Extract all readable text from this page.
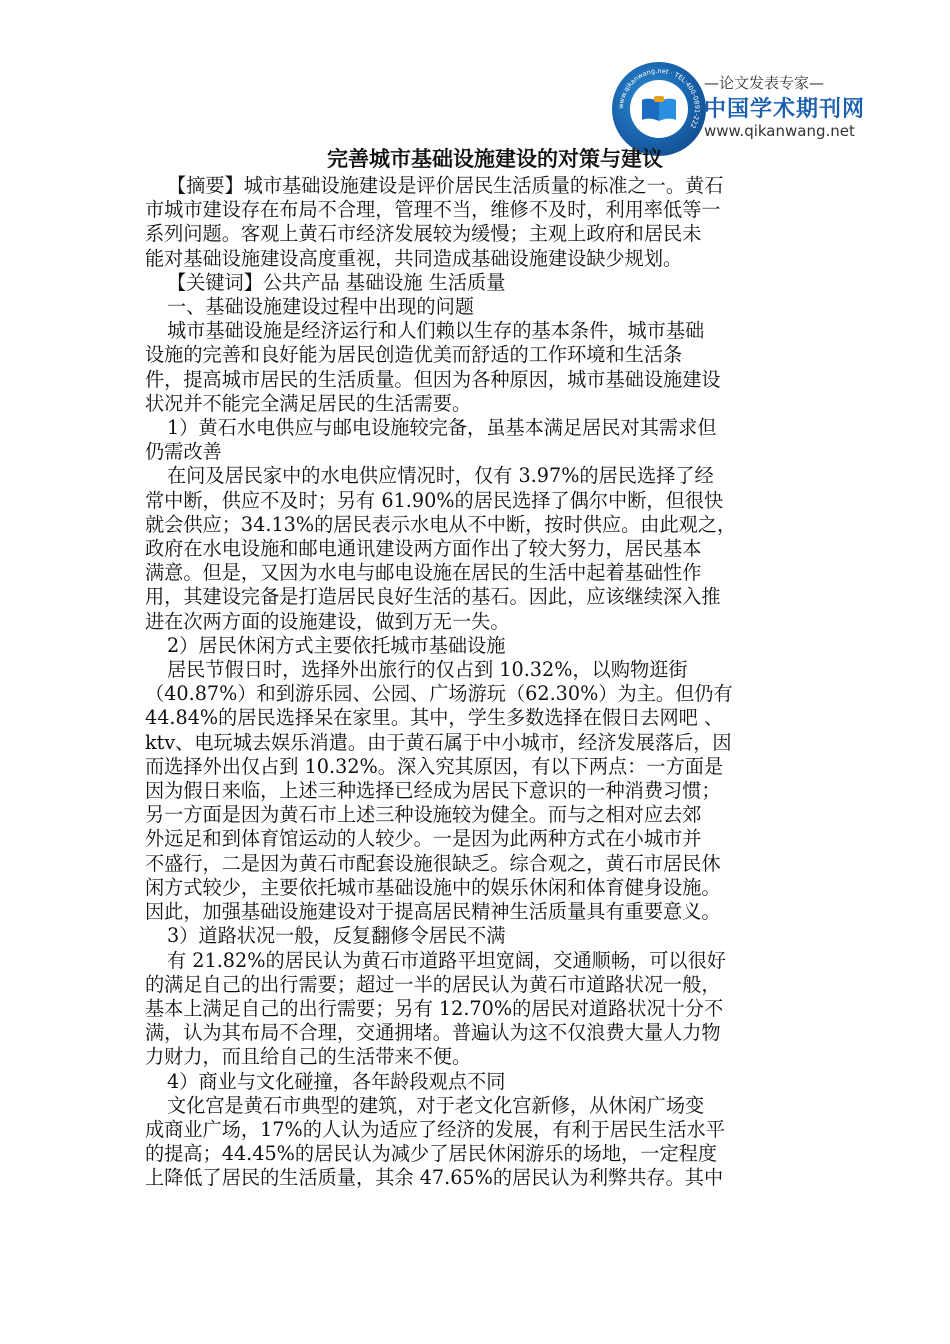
www.qikanwang.net · TEL:400-0891-222
—论文发表专家—
中国学术期刊网
www.qikanwang.net
完善城市基础设施建设的对策与建议

【摘要】城市基础设施建设是评价居民生活质量的标准之一。黄石

市城市建设存在布局不合理，管理不当，维修不及时，利用率低等一

系列问题。客观上黄石市经济发展较为缓慢；主观上政府和居民未

能对基础设施建设高度重视，共同造成基础设施建设缺少规划。

【关键词】公共产品 基础设施 生活质量

一、基础设施建设过程中出现的问题

城市基础设施是经济运行和人们赖以生存的基本条件，城市基础

设施的完善和良好能为居民创造优美而舒适的工作环境和生活条

件，提高城市居民的生活质量。但因为各种原因，城市基础设施建设

状况并不能完全满足居民的生活需要。

1）黄石水电供应与邮电设施较完备，虽基本满足居民对其需求但

仍需改善

在问及居民家中的水电供应情况时，仅有 3.97%的居民选择了经

常中断，供应不及时；另有 61.90%的居民选择了偶尔中断，但很快

就会供应；34.13%的居民表示水电从不中断，按时供应。由此观之，

政府在水电设施和邮电通讯建设两方面作出了较大努力，居民基本

满意。但是，又因为水电与邮电设施在居民的生活中起着基础性作

用，其建设完备是打造居民良好生活的基石。因此，应该继续深入推

进在次两方面的设施建设，做到万无一失。

2）居民休闲方式主要依托城市基础设施

居民节假日时，选择外出旅行的仅占到 10.32%，以购物逛街

（40.87%）和到游乐园、公园、广场游玩（62.30%）为主。但仍有

44.84%的居民选择呆在家里。其中，学生多数选择在假日去网吧 、

ktv、电玩城去娱乐消遣。由于黄石属于中小城市，经济发展落后，因

而选择外出仅占到 10.32%。深入究其原因，有以下两点：一方面是

因为假日来临，上述三种选择已经成为居民下意识的一种消费习惯；

另一方面是因为黄石市上述三种设施较为健全。而与之相对应去郊

外远足和到体育馆运动的人较少。一是因为此两种方式在小城市并

不盛行，二是因为黄石市配套设施很缺乏。综合观之，黄石市居民休

闲方式较少，主要依托城市基础设施中的娱乐休闲和体育健身设施。

因此，加强基础设施建设对于提高居民精神生活质量具有重要意义。

3）道路状况一般，反复翻修令居民不满

有 21.82%的居民认为黄石市道路平坦宽阔，交通顺畅，可以很好

的满足自己的出行需要；超过一半的居民认为黄石市道路状况一般，

基本上满足自己的出行需要；另有 12.70%的居民对道路状况十分不

满，认为其布局不合理，交通拥堵。普遍认为这不仅浪费大量人力物

力财力，而且给自己的生活带来不便。

4）商业与文化碰撞，各年龄段观点不同

文化宫是黄石市典型的建筑，对于老文化宫新修，从休闲广场变

成商业广场，17%的人认为适应了经济的发展，有利于居民生活水平

的提高；44.45%的居民认为减少了居民休闲游乐的场地，一定程度

上降低了居民的生活质量，其余 47.65%的居民认为利弊共存。其中
